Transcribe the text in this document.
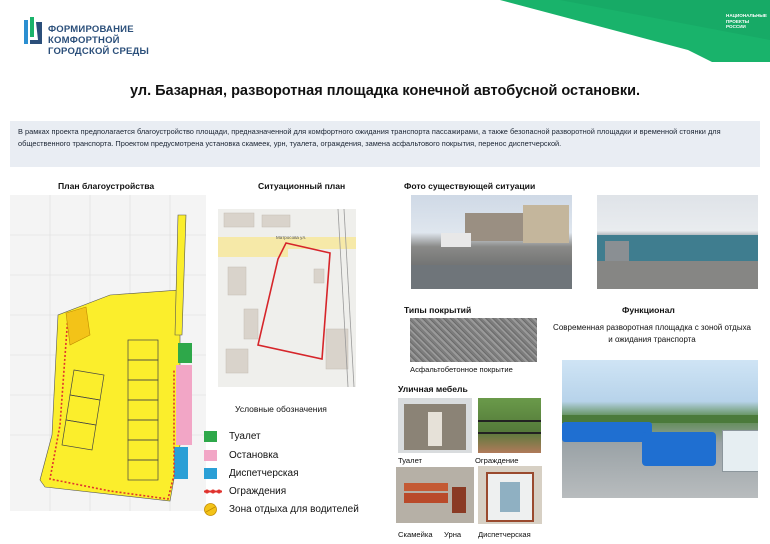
ФОРМИРОВАНИЕ
КОМФОРТНОЙ
ГОРОДСКОЙ СРЕДЫ
НАЦИОНАЛЬНЫЕ
ПРОЕКТЫ
РОССИИ
ул. Базарная, разворотная площадка конечной автобусной остановки.
В рамках проекта предполагается благоустройство площади, предназначенной для комфортного ожидания транспорта пассажирами, а также безопасной разворотной площадки и временной стоянки для общественного транспорта. Проектом предусмотрена установка скамеек, урн, туалета, ограждения, замена асфальтового покрытия, перенос диспетчерской.
План благоустройства	Ситуационный план	Фото существующей ситуации
Типы покрытий	Функционал
Уличная мебель
Матросова ул.
Условные обозначения
Туалет
Остановка
Диспетчерская
Ограждения
Зона отдыха для водителей
Асфальтобетонное покрытие
Современная разворотная площадка с зоной отдыха и ожидания транспорта
Туалет	Ограждение
Скамейка Урна Диспетчерская
